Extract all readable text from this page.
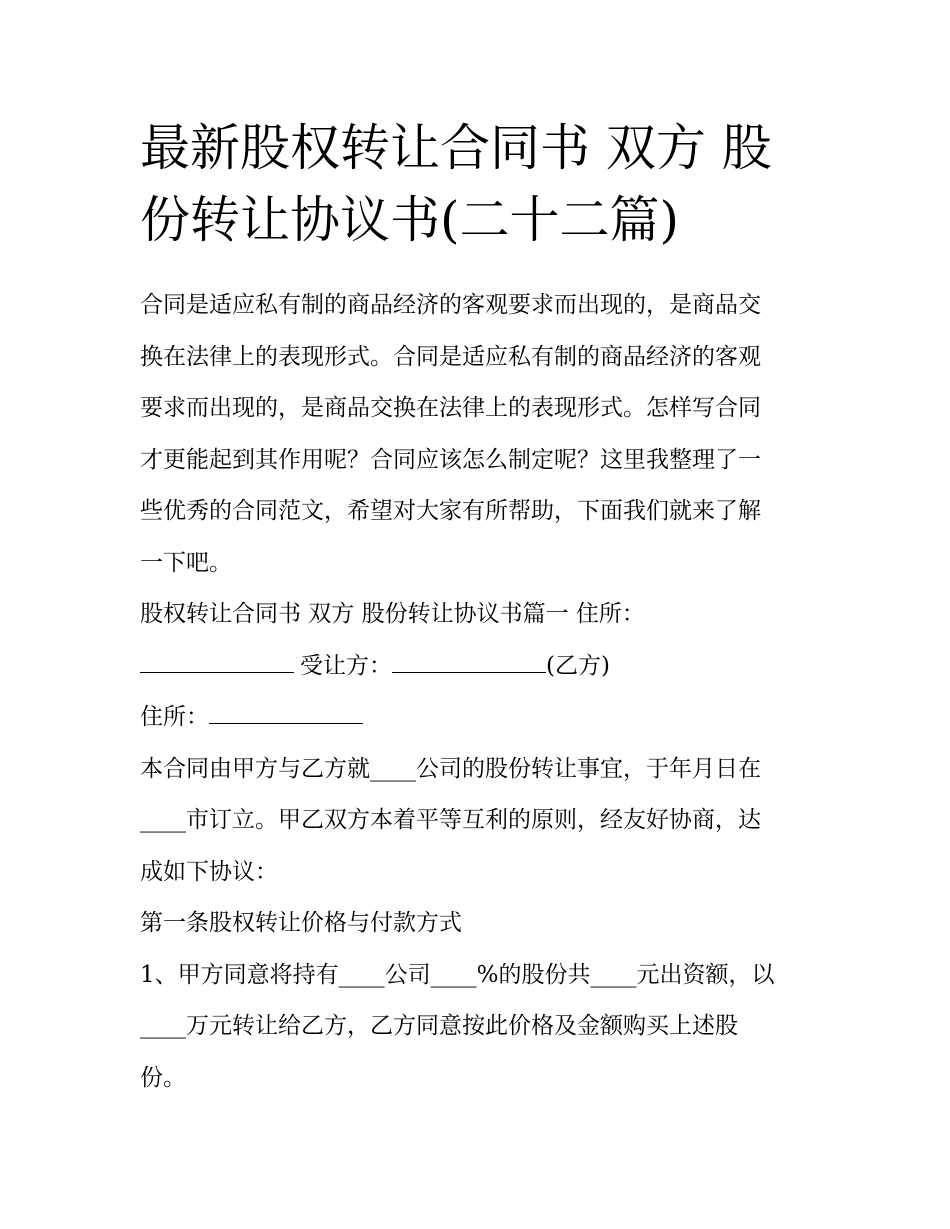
最新股权转让合同书 双方 股
份转让协议书(二十二篇)

合同是适应私有制的商品经济的客观要求而出现的，是商品交
换在法律上的表现形式。合同是适应私有制的商品经济的客观
要求而出现的，是商品交换在法律上的表现形式。怎样写合同
才更能起到其作用呢？合同应该怎么制定呢？这里我整理了一
些优秀的合同范文，希望对大家有所帮助，下面我们就来了解
一下吧。

股权转让合同书 双方 股份转让协议书篇一 住所：

受让方：	(乙方)

住所：

本合同由甲方与乙方就____公司的股份转让事宜，于年月日在
____市订立。甲乙双方本着平等互利的原则，经友好协商，达
成如下协议：

第一条股权转让价格与付款方式

1、甲方同意将持有____公司____%的股份共____元出资额，以
____万元转让给乙方，乙方同意按此价格及金额购买上述股
份。
